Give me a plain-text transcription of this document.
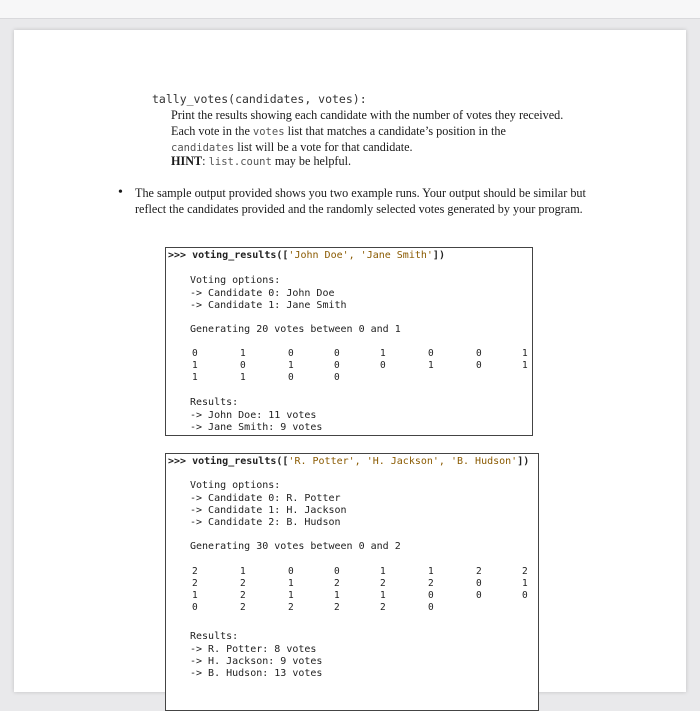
tally_votes(candidates, votes):
Print the results showing each candidate with the number of votes they received.
Each vote in the votes list that matches a candidate’s position in the
candidates list will be a vote for that candidate.
HINT: list.count may be helpful.
• The sample output provided shows you two example runs. Your output should be similar but reflect the candidates provided and the randomly selected votes generated by your program.
>>> voting_results(['John Doe', 'Jane Smith'])
Voting options:
-> Candidate 0: John Doe
-> Candidate 1: Jane Smith
Generating 20 votes between 0 and 1
0	1	0	0	1	0	0	1
1	0	1	0	0	1	0	1
1	1	0	0
Results:
-> John Doe: 11 votes
-> Jane Smith: 9 votes
>>> voting_results(['R. Potter', 'H. Jackson', 'B. Hudson'])
Voting options:
-> Candidate 0: R. Potter
-> Candidate 1: H. Jackson
-> Candidate 2: B. Hudson
Generating 30 votes between 0 and 2
2	1	0	0	1	1	2	2
2	2	1	2	2	2	0	1
1	2	1	1	1	0	0	0
0	2	2	2	2	0
Results:
-> R. Potter: 8 votes
-> H. Jackson: 9 votes
-> B. Hudson: 13 votes
